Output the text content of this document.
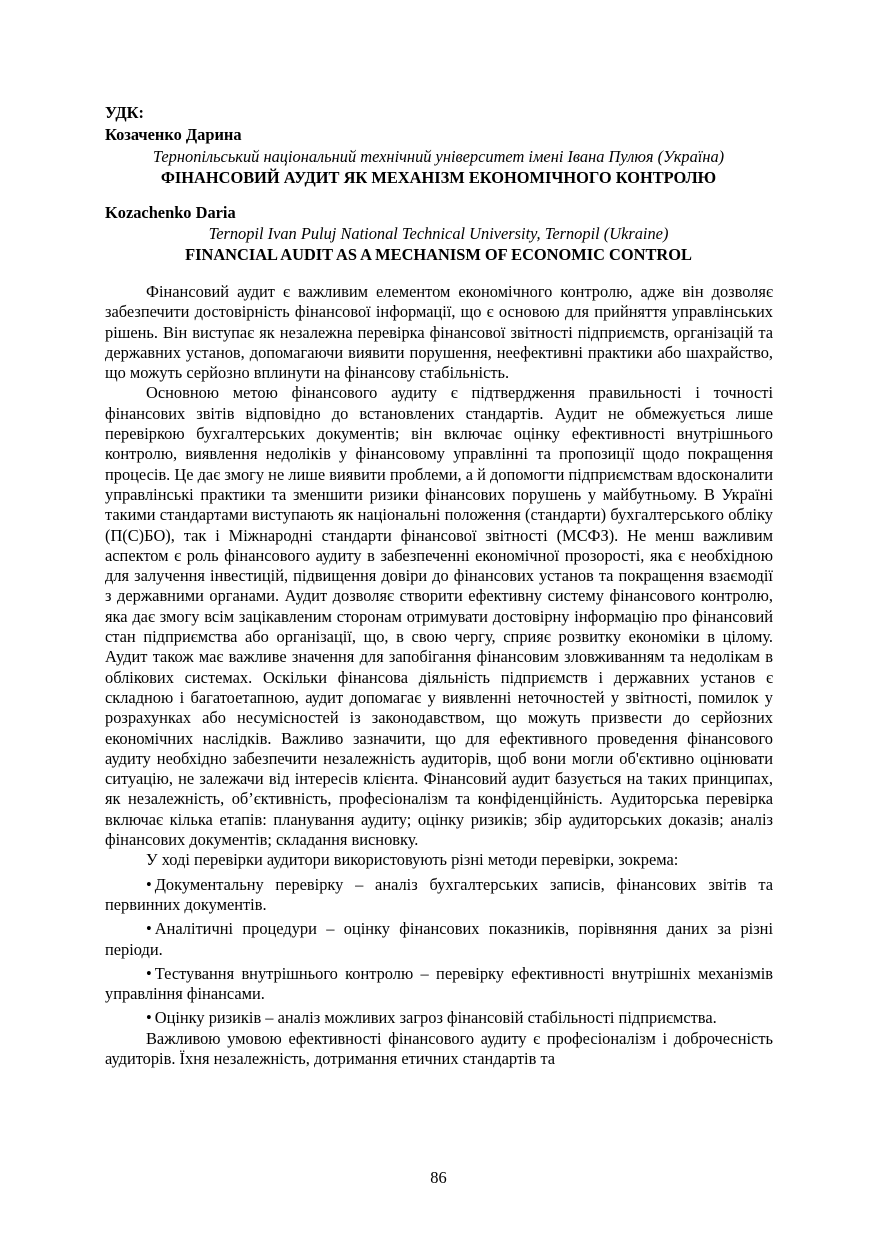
УДК:
Козаченко Дарина
Тернопільський національний технічний університет імені Івана Пулюя (Україна)
ФІНАНСОВИЙ АУДИТ ЯК МЕХАНІЗМ ЕКОНОМІЧНОГО КОНТРОЛЮ
Kozachenko Daria
Ternopil Ivan Puluj National Technical University, Ternopil (Ukraine)
FINANCIAL AUDIT AS A MECHANISM OF ECONOMIC CONTROL

Фінансовий аудит є важливим елементом економічного контролю, адже він дозволяє забезпечити достовірність фінансової інформації, що є основою для прийняття управлінських рішень. Він виступає як незалежна перевірка фінансової звітності підприємств, організацій та державних установ, допомагаючи виявити порушення, неефективні практики або шахрайство, що можуть серйозно вплинути на фінансову стабільність.

Основною метою фінансового аудиту є підтвердження правильності і точності фінансових звітів відповідно до встановлених стандартів. Аудит не обмежується лише перевіркою бухгалтерських документів; він включає оцінку ефективності внутрішнього контролю, виявлення недоліків у фінансовому управлінні та пропозиції щодо покращення процесів. Це дає змогу не лише виявити проблеми, а й допомогти підприємствам вдосконалити управлінські практики та зменшити ризики фінансових порушень у майбутньому. В Україні такими стандартами виступають як національні положення (стандарти) бухгалтерського обліку (П(С)БО), так і Міжнародні стандарти фінансової звітності (МСФЗ). Не менш важливим аспектом є роль фінансового аудиту в забезпеченні економічної прозорості, яка є необхідною для залучення інвестицій, підвищення довіри до фінансових установ та покращення взаємодії з державними органами. Аудит дозволяє створити ефективну систему фінансового контролю, яка дає змогу всім зацікавленим сторонам отримувати достовірну інформацію про фінансовий стан підприємства або організації, що, в свою чергу, сприяє розвитку економіки в цілому. Аудит також має важливе значення для запобігання фінансовим зловживанням та недолікам в облікових системах. Оскільки фінансова діяльність підприємств і державних установ є складною і багатоетапною, аудит допомагає у виявленні неточностей у звітності, помилок у розрахунках або несумісностей із законодавством, що можуть призвести до серйозних економічних наслідків. Важливо зазначити, що для ефективного проведення фінансового аудиту необхідно забезпечити незалежність аудиторів, щоб вони могли об'єктивно оцінювати ситуацію, не залежачи від інтересів клієнта. Фінансовий аудит базується на таких принципах, як незалежність, об’єктивність, професіоналізм та конфіденційність. Аудиторська перевірка включає кілька етапів: планування аудиту; оцінку ризиків; збір аудиторських доказів; аналіз фінансових документів; складання висновку.

У ході перевірки аудитори використовують різні методи перевірки, зокрема:

• Документальну перевірку – аналіз бухгалтерських записів, фінансових звітів та первинних документів.

• Аналітичні процедури – оцінку фінансових показників, порівняння даних за різні періоди.

• Тестування внутрішнього контролю – перевірку ефективності внутрішніх механізмів управління фінансами.

• Оцінку ризиків – аналіз можливих загроз фінансовій стабільності підприємства.

Важливою умовою ефективності фінансового аудиту є професіоналізм і доброчесність аудиторів. Їхня незалежність, дотримання етичних стандартів та

86
